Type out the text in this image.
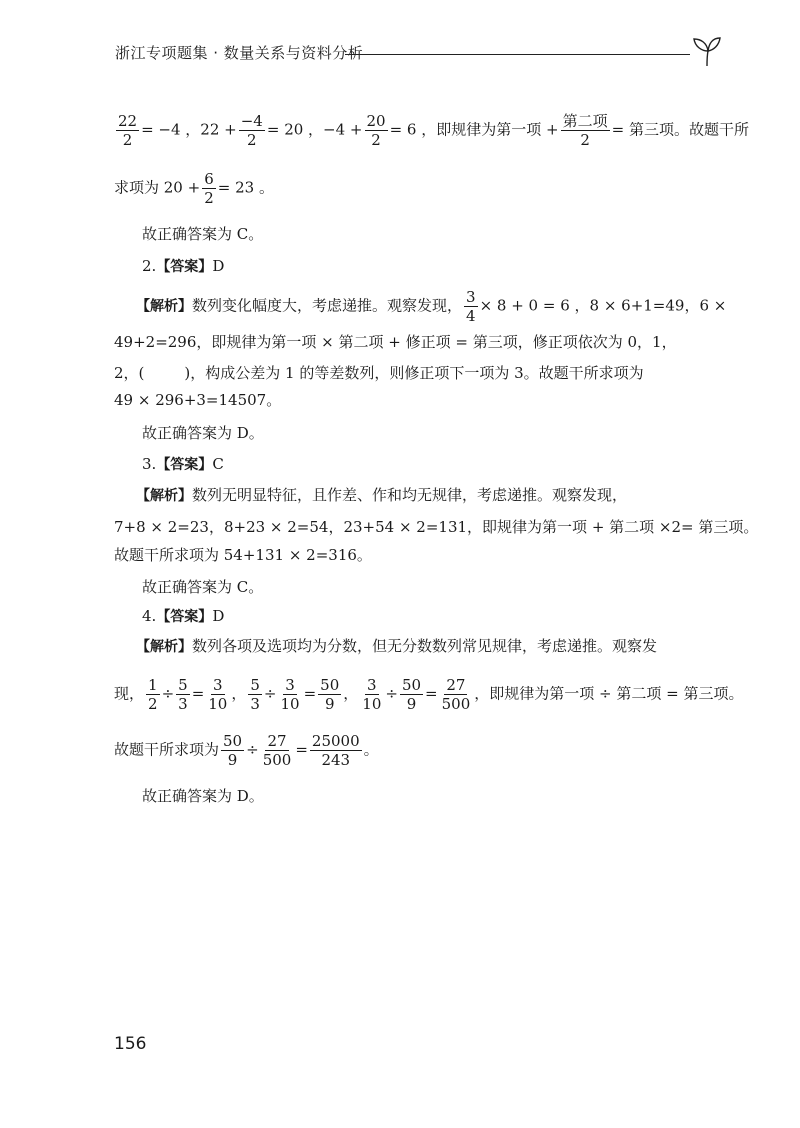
浙江专项题集 · 数量关系与资料分析
$\frac{22}{2} = -4$ ，$22 + \frac{-4}{2} = 20$ ，$-4 + \frac{20}{2} = 6$ ，即规律为第一项 + $\frac{\text{第二项}}{2}$ = 第三项。故题干所
求项为 $20 + \frac{6}{2} = 23$ 。
故正确答案为 C。
2.【答案】D
【解析】数列变化幅度大，考虑递推。观察发现， $\frac{3}{4} \times 8 + 0 = 6$ ，8 × 6+1=49，6 ×
49+2=296，即规律为第一项 × 第二项 + 修正项 = 第三项，修正项依次为 0，1，
2，(	)，构成公差为 1 的等差数列，则修正项下一项为 3。故题干所求项为
49 × 296+3=14507。
故正确答案为 D。
3.【答案】C
【解析】数列无明显特征，且作差、作和均无规律，考虑递推。观察发现，
7+8 × 2=23，8+23 × 2=54，23+54 × 2=131，即规律为第一项 + 第二项 ×2= 第三项。
故题干所求项为 54+131 × 2=316。
故正确答案为 C。
4.【答案】D
【解析】数列各项及选项均为分数，但无分数数列常见规律，考虑递推。观察发
现， $\frac{1}{2} \div \frac{5}{3} = \frac{3}{10}$ ， $\frac{5}{3} \div \frac{3}{10} = \frac{50}{9}$ ， $\frac{3}{10} \div \frac{50}{9} = \frac{27}{500}$ ，即规律为第一项 ÷ 第二项 = 第三项。
故题干所求项为 $\frac{50}{9} \div \frac{27}{500} = \frac{25000}{243}$ 。
故正确答案为 D。
156
